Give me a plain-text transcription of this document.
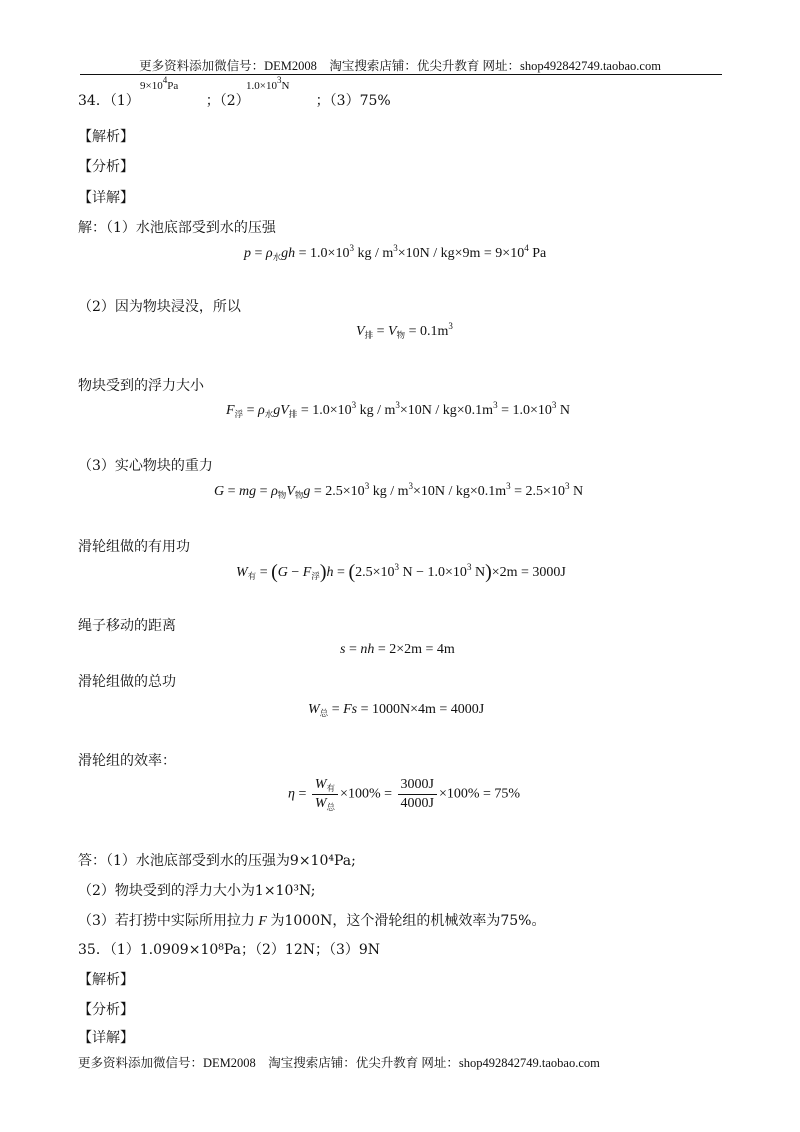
更多资料添加微信号：DEM2008　淘宝搜索店铺：优尖升教育 网址：shop492842749.taobao.com
$9\times 10^4Pa$	$1.0\times 10^3N$
34．（1）	；（2）	；（3）75%
【解析】
【分析】
【详解】
解：（1）水池底部受到水的压强
$p = \rho_水gh = 1.0\times 10^3$ kg / $m^3\times 10N / kg\times 9m = 9\times 10^4$ Pa
（2）因为物块浸没，所以
$V_排 = V_物 = 0.1m^3$
物块受到的浮力大小
$F_浮 = \rho_水gV_排 = 1.0\times 10^3$ kg / $m^3\times 10N / kg\times 0.1m^3 = 1.0\times 10^3$ N
（3）实心物块的重力
G = mg = $\rho_物V_物g = 2.5\times 10^3$ kg / $m^3\times 10N / kg\times 0.1m^3 = 2.5\times 10^3$ N
滑轮组做的有用功
$W_有 = (G - F_浮)h = (2.5\times 10^3$ $N - 1.0\times 10^3$ N)×2m = 3000J
绳子移动的距离
s = nh = 2×2m = 4m
滑轮组做的总功
$W_总 = Fs = 1000N\times 4m = 4000J$
滑轮组的效率：
$\eta = \frac{W_有}{W_总} \times 100\% = \frac{3000J}{4000J} \times 100\% = 75\%$
答：（1）水池底部受到水的压强为9×10⁴Pa;
（2）物块受到的浮力大小为1×10³N;
（3）若打捞中实际所用拉力 F 为1000N，这个滑轮组的机械效率为75%。
35．（1）1.0909×10⁸Pa；（2）12N；（3）9N
【解析】
【分析】
【详解】
更多资料添加微信号：DEM2008　淘宝搜索店铺：优尖升教育 网址：shop492842749.taobao.com
